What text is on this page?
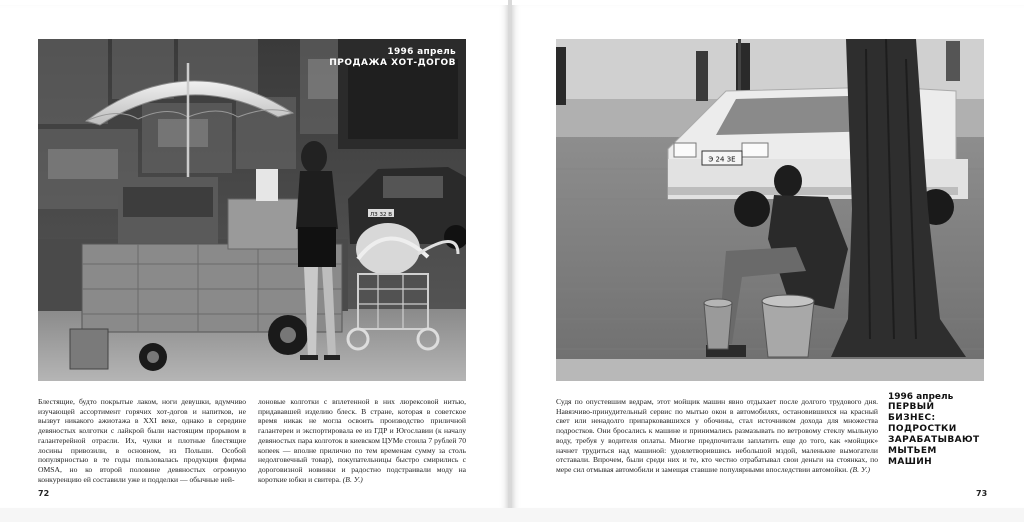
ЛЗ 32 В
1996 апрель
ПРОДАЖА ХОТ-ДОГОВ
Блестящие, будто покрытые лаком, ноги девушки, вдумчиво изучающей ассортимент горячих хот-догов и напитков, не вызвут никакого ажиотажа в XXI веке, однако в середине девяностых колготки с лайкрой были настоящим прорывом в галантерейной отрасли. Их, чулки и плотные блестящие лосины привозили, в основном, из Польши. Особой популярностью в те годы пользовалась продукция фирмы OMSA, но ко второй половине девяностых огромную конкуренцию ей составили уже и подделки — обычные ней-
лоновые колготки с вплетенной в них люрексовой нитью, придававшей изделию блеск. В стране, которая в советское время никак не могла освоить производство приличной галантереи и экспортировала ее из ГДР и Югославии (к началу девяностых пара колготок в киевском ЦУМе стоила 7 рублей 70 копеек — вполне прилично по тем временам сумму за столь недолговечный товар), покупательницы быстро смирились с дороговизной новинки и радостно подстраивали моду на короткие юбки и свитера. (В. У.)
72
Э 24 ЗЕ
Судя по опустевшим ведрам, этот мойщик машин явно отдыхает после долгого трудового дня. Навязчиво-принудительный сервис по мытью окон в автомобилях, остановившихся на красный свет или ненадолго припарковавшихся у обочины, стал источником дохода для множества подростков. Они бросались к машине и принимались размазывать по ветровому стеклу мыльную воду, требуя у водителя оплаты. Многие предпочитали заплатить еще до того, как «мойщик» начнет трудиться над машиной: удовлетворившись небольшой мздой, маленькие вымогатели отставали. Впрочем, были среди них и те, кто честно отрабатывал свои деньги на стоянках, по мере сил отмывая автомобили и замещая ставшие популярными впоследствии автомойки. (В. У.)
73
1996 апрель
ПЕРВЫЙ БИЗНЕС:
ПОДРОСТКИ
ЗАРАБАТЫВАЮТ
МЫТЬЕМ МАШИН
